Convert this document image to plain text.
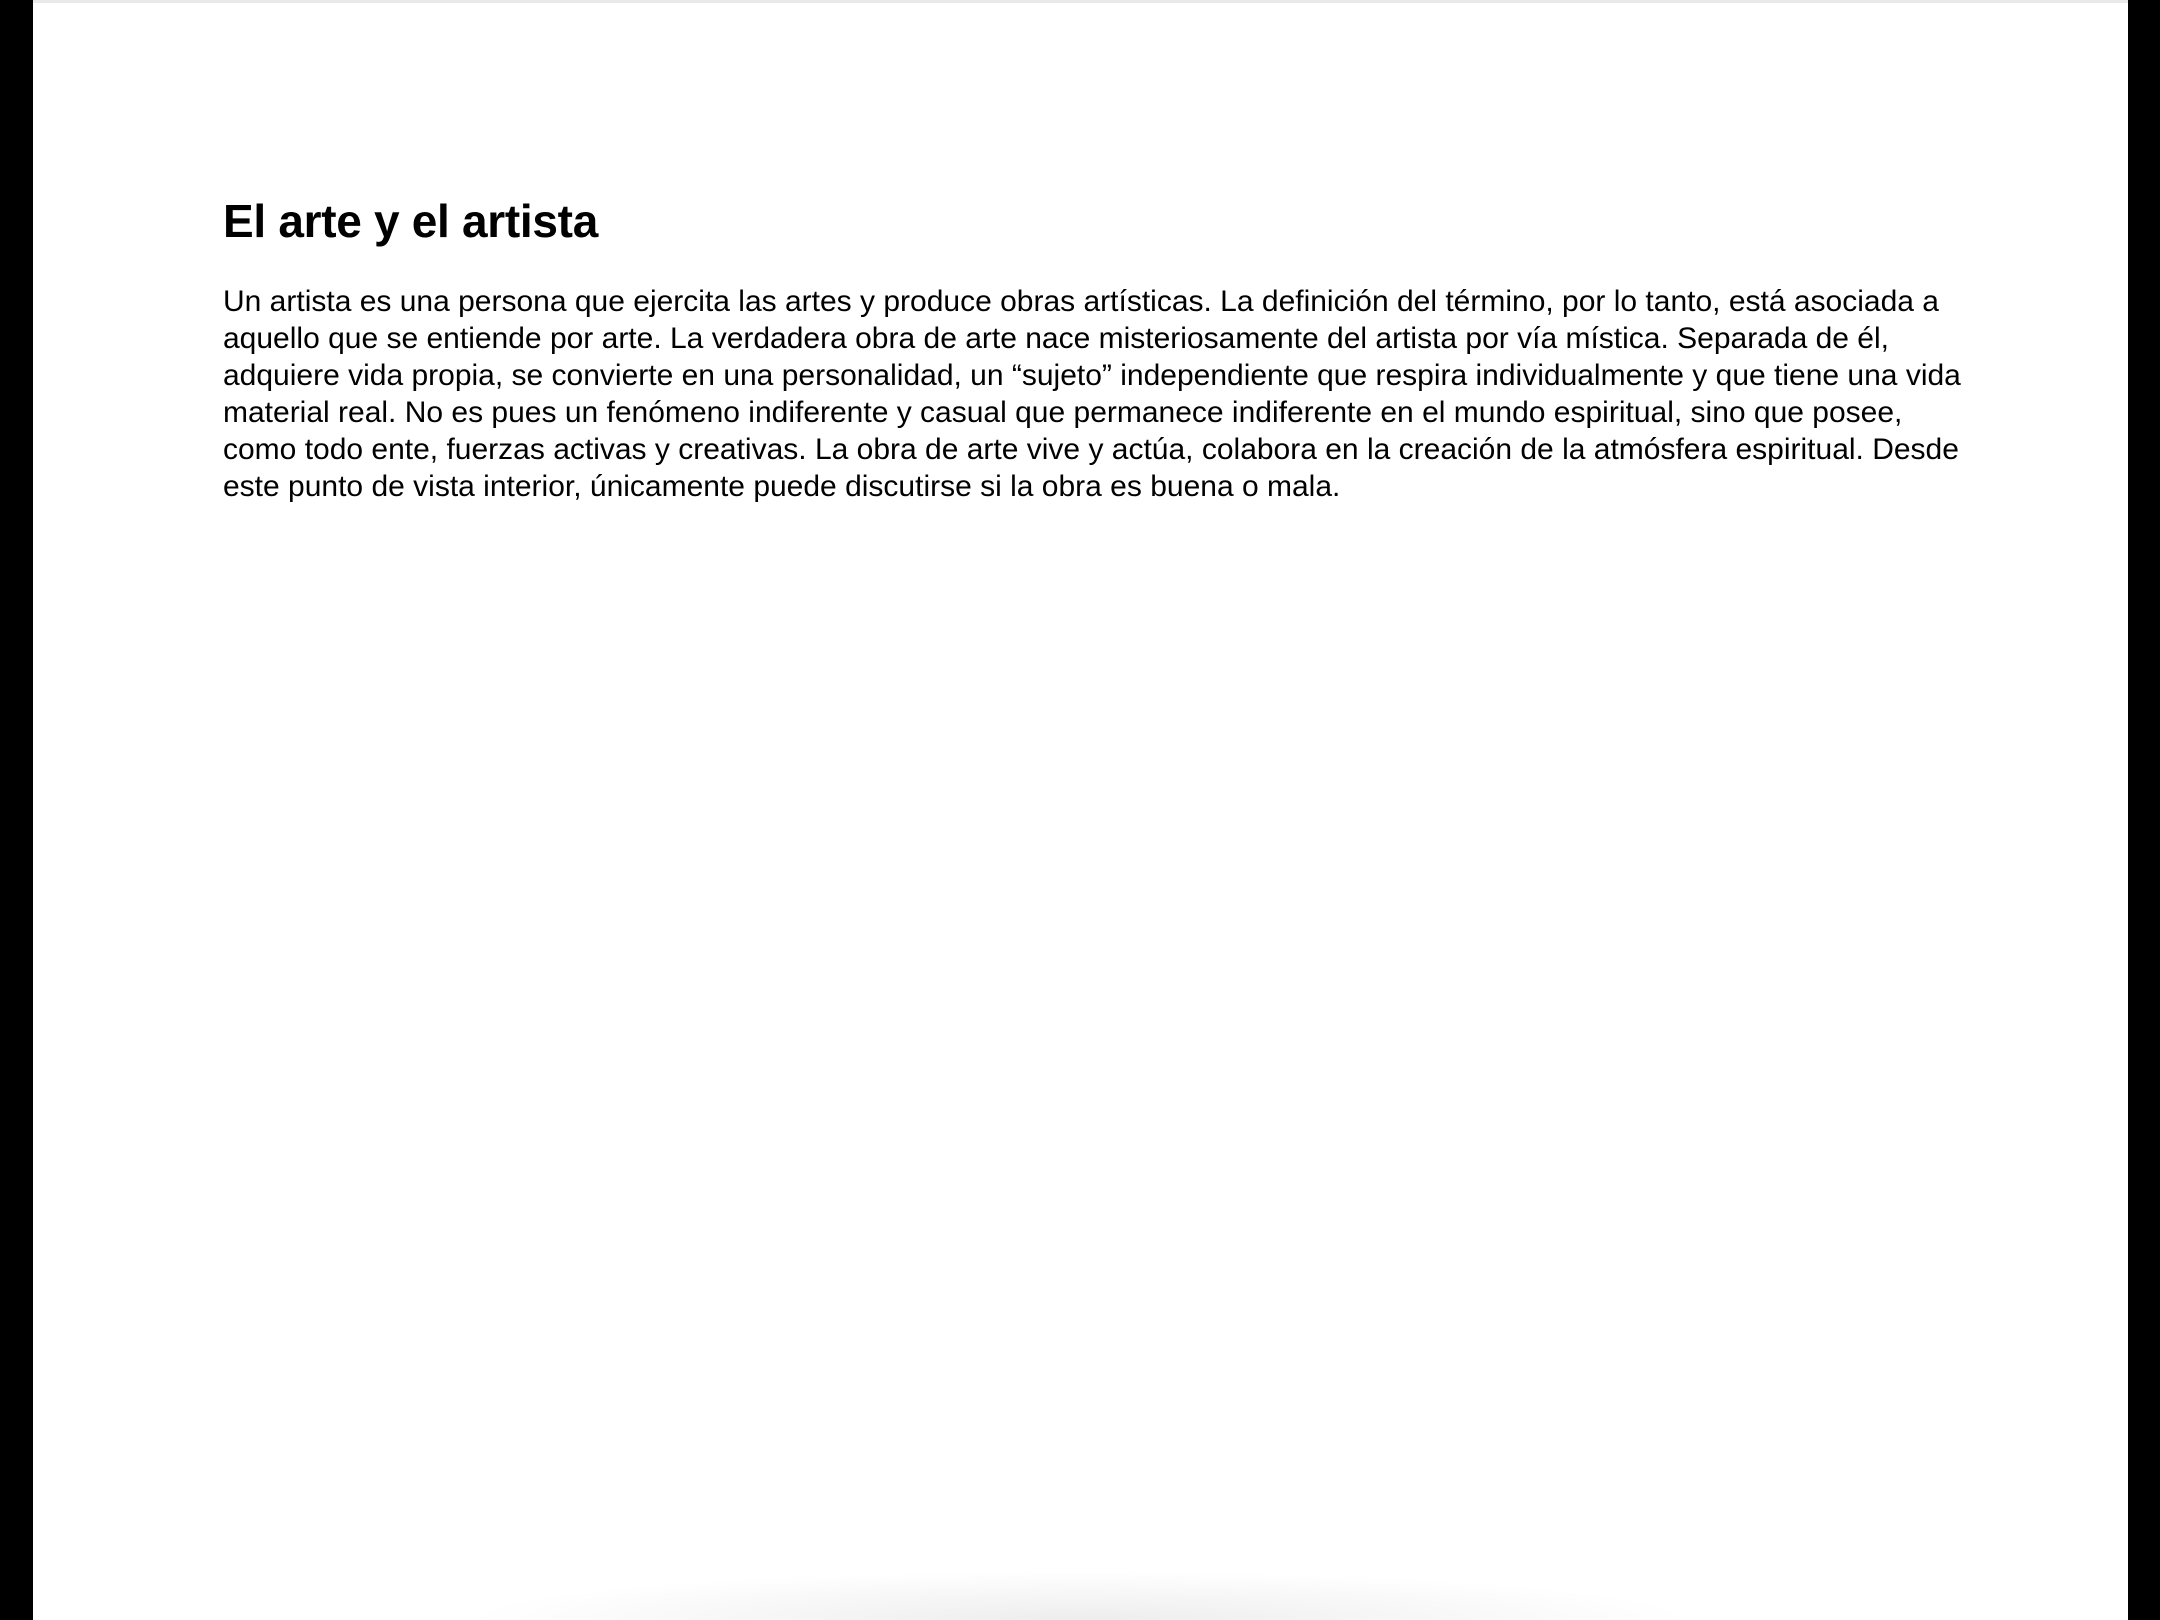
El arte y el artista

Un artista es una persona que ejercita las artes y produce obras artísticas. La definición del término, por lo tanto, está asociada a aquello que se entiende por arte. La verdadera obra de arte nace misteriosamente del artista por vía mística. Separada de él, adquiere vida propia, se convierte en una personalidad, un “sujeto” independiente que respira individualmente y que tiene una vida material real. No es pues un fenómeno indiferente y casual que permanece indiferente en el mundo espiritual, sino que posee, como todo ente, fuerzas activas y creativas. La obra de arte vive y actúa, colabora en la creación de la atmósfera espiritual. Desde este punto de vista interior, únicamente puede discutirse si la obra es buena o mala.
